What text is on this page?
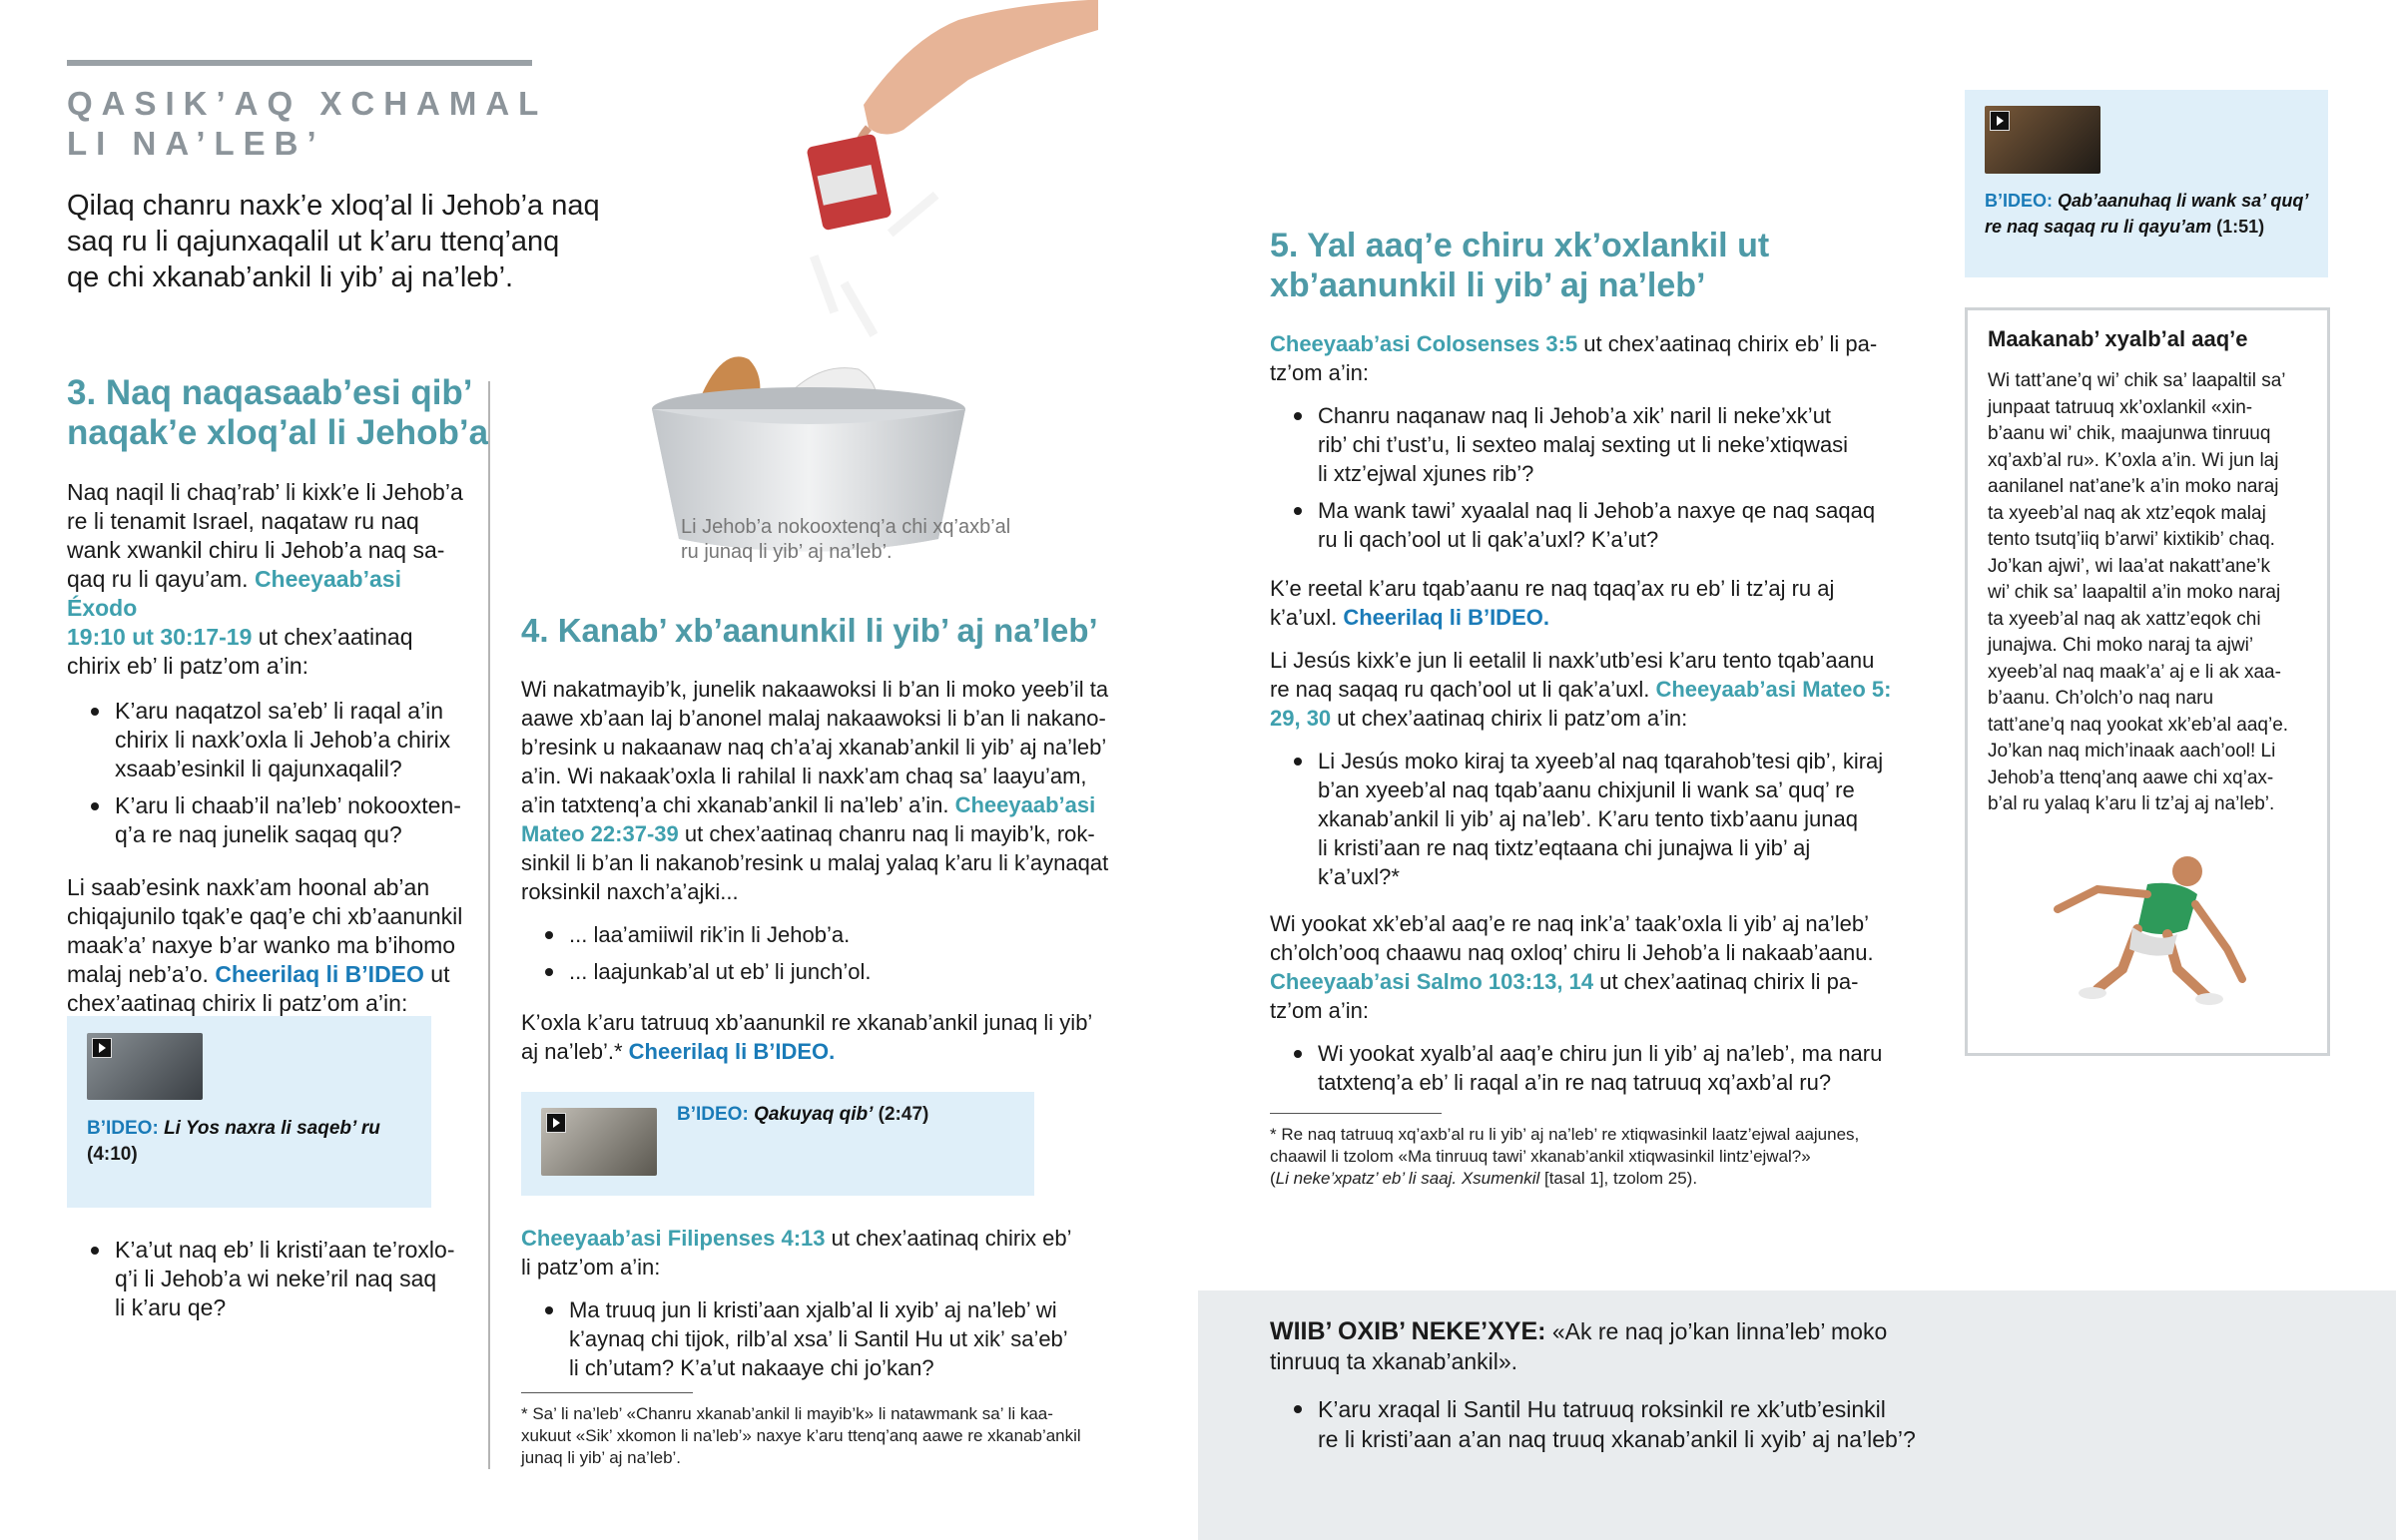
QASIK’AQ XCHAMAL
LI NA’LEB’
Qilaq chanru naxk’e xloq’al li Jehob’a naq
saq ru li qajunxaqalil ut k’aru ttenq’anq
qe chi xkanab’ankil li yib’ aj na’leb’.
Li Jehob’a nokooxtenq’a chi xq’axb’al
ru junaq li yib’ aj na’leb’.
3. Naq naqasaab’esi qib’
naqak’e xloq’al li Jehob’a
Naq naqil li chaq’rab’ li kixk’e li Jehob’a
re li tenamit Israel, naqataw ru naq
wank xwankil chiru li Jehob’a naq sa-
qaq ru li qayu’am. Cheeyaab’asi Éxodo
19:10 ut 30:17-19 ut chex’aatinaq
chirix eb’ li patz’om a’in:
K’aru naqatzol sa’eb’ li raqal a’in
chirix li naxk’oxla li Jehob’a chirix
xsaab’esinkil li qajunxaqalil?
K’aru li chaab’il na’leb’ nokooxten-
q’a re naq junelik saqaq qu?
Li saab’esink naxk’am hoonal ab’an
chiqajunilo tqak’e qaq’e chi xb’aanunkil
maak’a’ naxye b’ar wanko ma b’ihomo
malaj neb’a’o. Cheerilaq li B’IDEO ut
chex’aatinaq chirix li patz’om a’in:
B’IDEO: Li Yos naxra li saqeb’ ru
(4:10)
K’a’ut naq eb’ li kristi’aan te’roxlo-
q’i li Jehob’a wi neke’ril naq saq
li k’aru qe?
4. Kanab’ xb’aanunkil li yib’ aj na’leb’
Wi nakatmayib’k, junelik nakaawoksi li b’an li moko yeeb’il ta
aawe xb’aan laj b’anonel malaj nakaawoksi li b’an li nakano-
b’resink u nakaanaw naq ch’a’aj xkanab’ankil li yib’ aj na’leb’
a’in. Wi nakaak’oxla li rahilal li naxk’am chaq sa’ laayu’am,
a’in tatxtenq’a chi xkanab’ankil li na’leb’ a’in. Cheeyaab’asi
Mateo 22:37-39 ut chex’aatinaq chanru naq li mayib’k, rok-
sinkil li b’an li nakanob’resink u malaj yalaq k’aru li k’aynaqat
roksinkil naxch’a’ajki...
... laa’amiiwil rik’in li Jehob’a.
... laajunkab’al ut eb’ li junch’ol.
K’oxla k’aru tatruuq xb’aanunkil re xkanab’ankil junaq li yib’
aj na’leb’.* Cheerilaq li B’IDEO.
B’IDEO: Qakuyaq qib’ (2:47)
Cheeyaab’asi Filipenses 4:13 ut chex’aatinaq chirix eb’
li patz’om a’in:
Ma truuq jun li kristi’aan xjalb’al li xyib’ aj na’leb’ wi
k’aynaq chi tijok, rilb’al xsa’ li Santil Hu ut xik’ sa’eb’
li ch’utam? K’a’ut nakaaye chi jo’kan?
* Sa’ li na’leb’ «Chanru xkanab’ankil li mayib’k» li natawmank sa’ li kaa-
xukuut «Sik’ xkomon li na’leb’» naxye k’aru ttenq’anq aawe re xkanab’ankil
junaq li yib’ aj na’leb’.
5. Yal aaq’e chiru xk’oxlankil ut
xb’aanunkil li yib’ aj na’leb’
Cheeyaab’asi Colosenses 3:5 ut chex’aatinaq chirix eb’ li pa-
tz’om a’in:
Chanru naqanaw naq li Jehob’a xik’ naril li neke’xk’ut
rib’ chi t’ust’u, li sexteo malaj sexting ut li neke’xtiqwasi
li xtz’ejwal xjunes rib’?
Ma wank tawi’ xyaalal naq li Jehob’a naxye qe naq saqaq
ru li qach’ool ut li qak’a’uxl? K’a’ut?
K’e reetal k’aru tqab’aanu re naq tqaq’ax ru eb’ li tz’aj ru aj
k’a’uxl. Cheerilaq li B’IDEO.
Li Jesús kixk’e jun li eetalil li naxk’utb’esi k’aru tento tqab’aanu
re naq saqaq ru qach’ool ut li qak’a’uxl. Cheeyaab’asi Mateo 5:
29, 30 ut chex’aatinaq chirix li patz’om a’in:
Li Jesús moko kiraj ta xyeeb’al naq tqarahob’tesi qib’, kiraj
b’an xyeeb’al naq tqab’aanu chixjunil li wank sa’ quq’ re
xkanab’ankil li yib’ aj na’leb’. K’aru tento tixb’aanu junaq
li kristi’aan re naq tixtz’eqtaana chi junajwa li yib’ aj
k’a’uxl?*
Wi yookat xk’eb’al aaq’e re naq ink’a’ taak’oxla li yib’ aj na’leb’
ch’olch’ooq chaawu naq oxloq’ chiru li Jehob’a li nakaab’aanu.
Cheeyaab’asi Salmo 103:13, 14 ut chex’aatinaq chirix li pa-
tz’om a’in:
Wi yookat xyalb’al aaq’e chiru jun li yib’ aj na’leb’, ma naru
tatxtenq’a eb’ li raqal a’in re naq tatruuq xq’axb’al ru?
* Re naq tatruuq xq’axb’al ru li yib’ aj na’leb’ re xtiqwasinkil laatz’ejwal aajunes,
chaawil li tzolom «Ma tinruuq tawi’ xkanab’ankil xtiqwasinkil lintz’ejwal?»
(Li neke’xpatz’ eb’ li saaj. Xsumenkil [tasal 1], tzolom 25).
B’IDEO: Qab’aanuhaq li wank sa’ quq’
re naq saqaq ru li qayu’am (1:51)
Maakanab’ xyalb’al aaq’e
Wi tatt’ane’q wi’ chik sa’ laapaltil sa’
junpaat tatruuq xk’oxlankil «xin-
b’aanu wi’ chik, maajunwa tinruuq
xq’axb’al ru». K’oxla a’in. Wi jun laj
aanilanel nat’ane’k a’in moko naraj
ta xyeeb’al naq ak xtz’eqok malaj
tento tsutq’iiq b’arwi’ kixtikib’ chaq.
Jo’kan ajwi’, wi laa’at nakatt’ane’k
wi’ chik sa’ laapaltil a’in moko naraj
ta xyeeb’al naq ak xattz’eqok chi
junajwa. Chi moko naraj ta ajwi’
xyeeb’al naq maak’a’ aj e li ak xaa-
b’aanu. Ch’olch’o naq naru
tatt’ane’q naq yookat xk’eb’al aaq’e.
Jo’kan naq mich’inaak aach’ool! Li
Jehob’a ttenq’anq aawe chi xq’ax-
b’al ru yalaq k’aru li tz’aj aj na’leb’.
WIIB’ OXIB’ NEKE’XYE: «Ak re naq jo’kan linna’leb’ moko
tinruuq ta xkanab’ankil».
K’aru xraqal li Santil Hu tatruuq roksinkil re xk’utb’esinkil
re li kristi’aan a’an naq truuq xkanab’ankil li xyib’ aj na’leb’?
